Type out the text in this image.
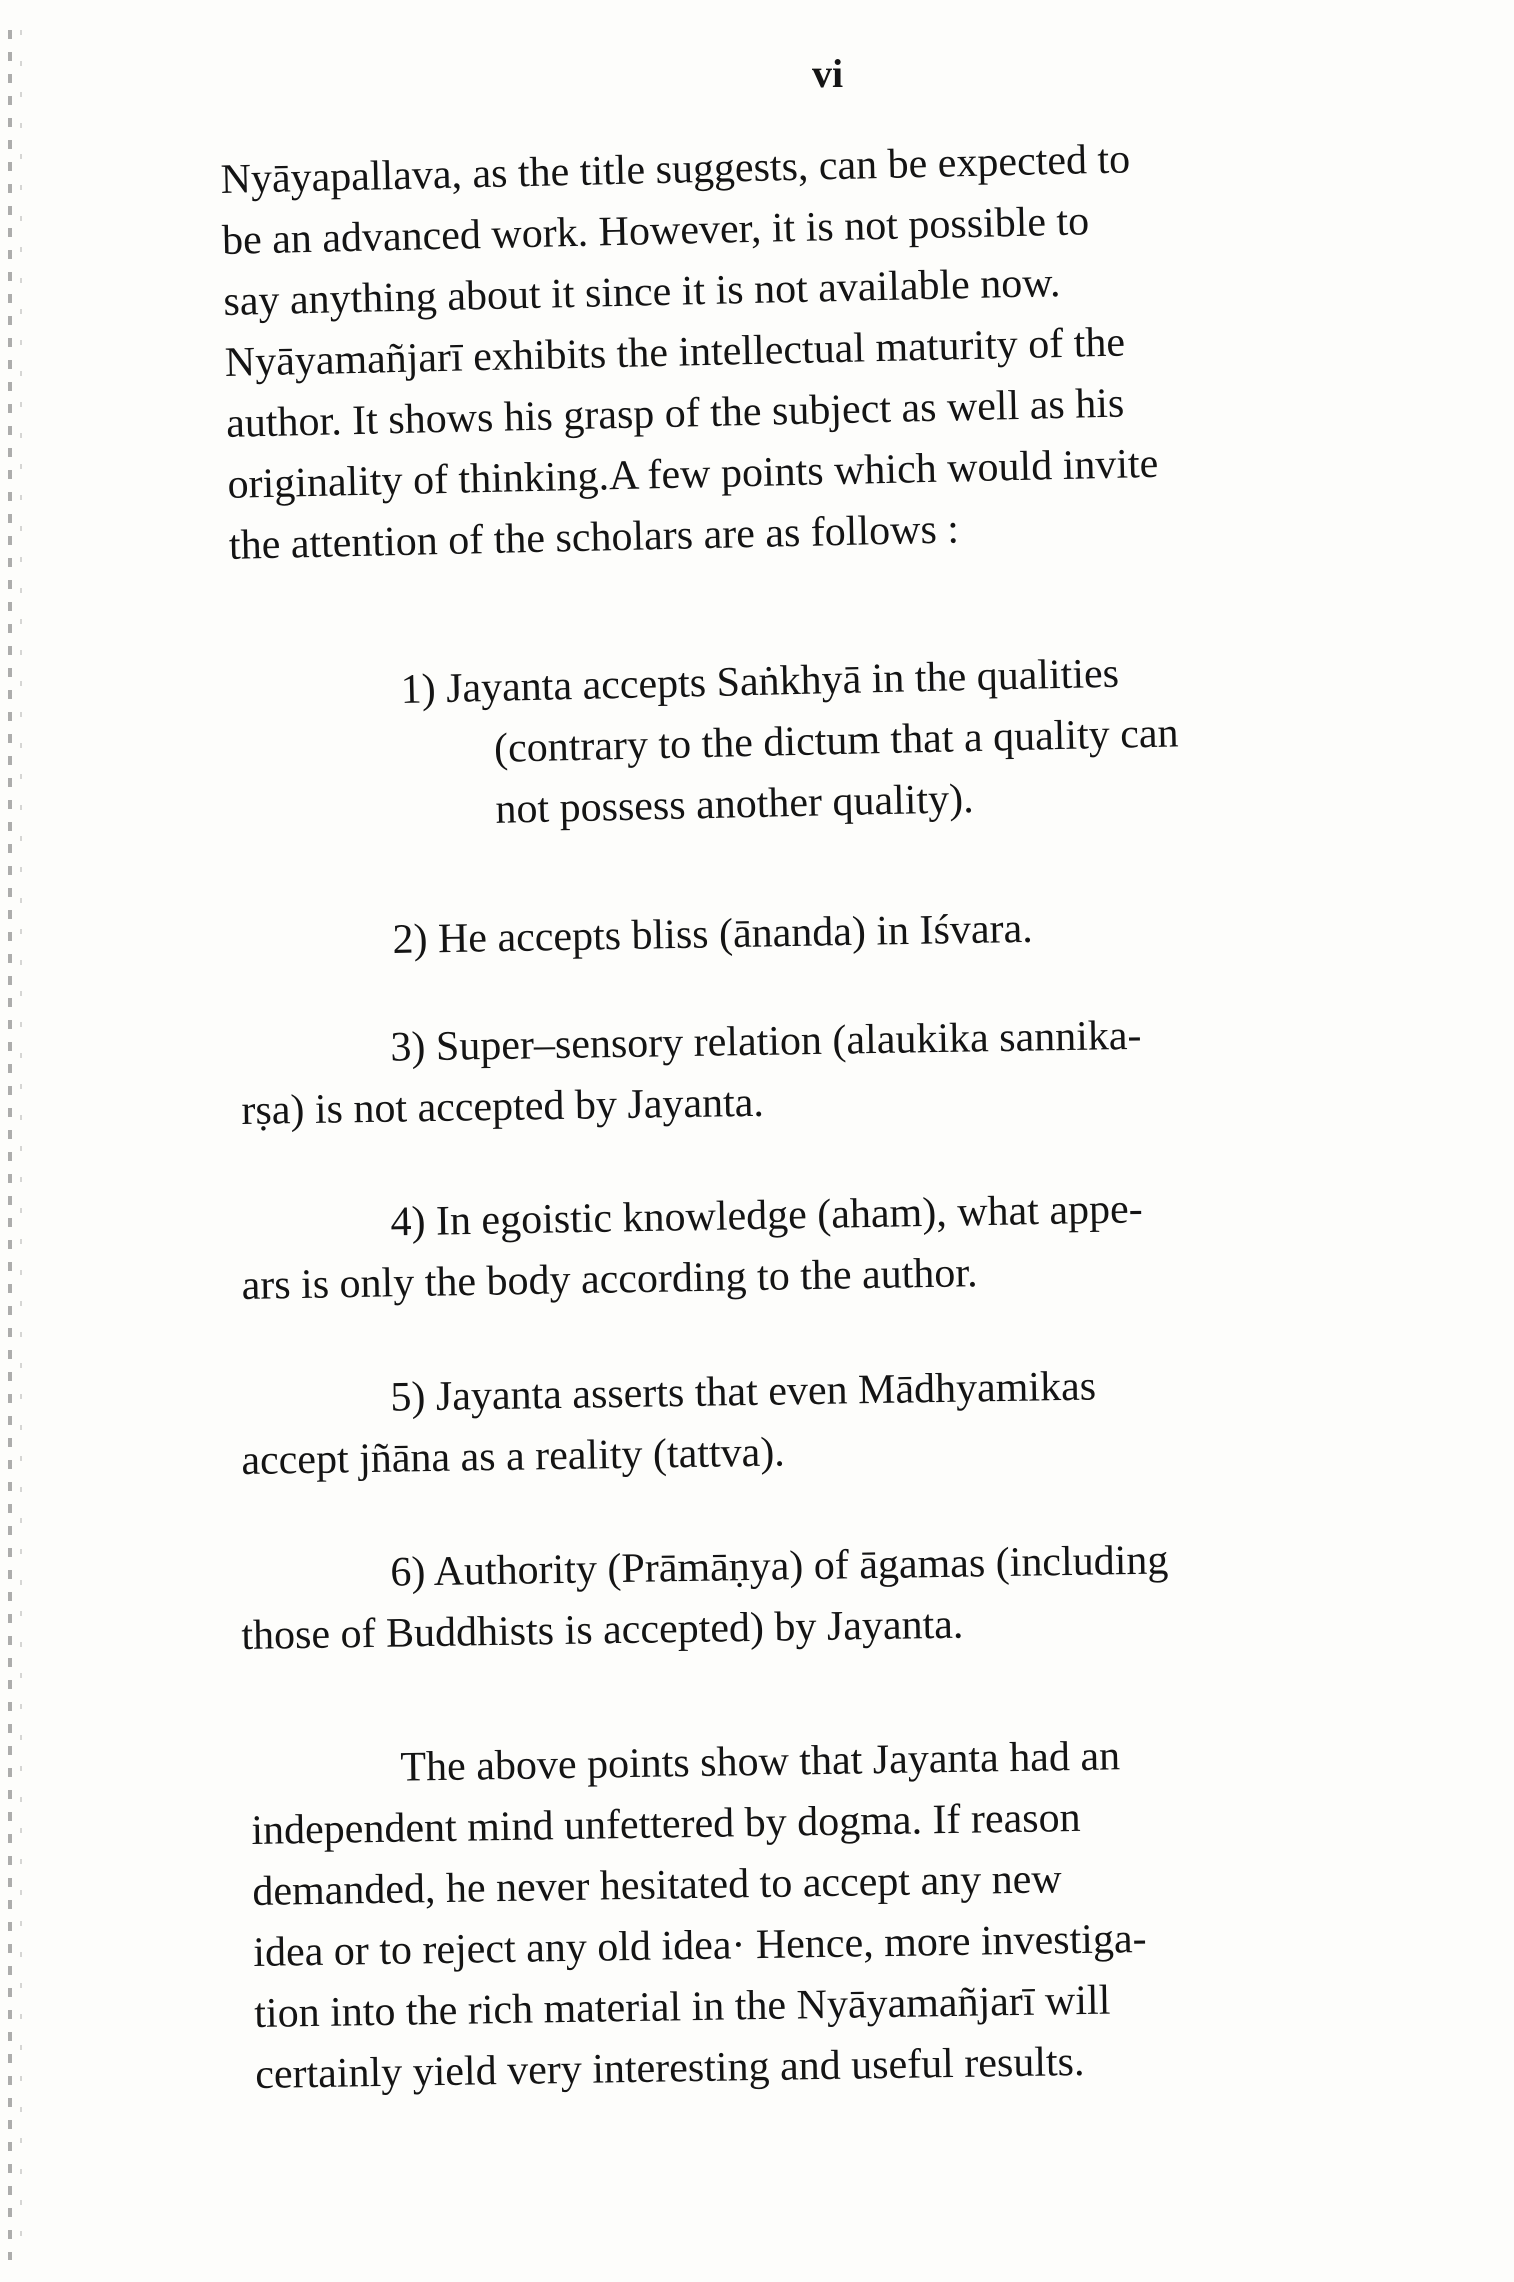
vi
Nyāyapallava, as the title suggests, can be expected to
be an advanced work. However, it is not possible to
say anything about it since it is not available now.
Nyāyamañjarī exhibits the intellectual maturity of the
author. It shows his grasp of the subject as well as his
originality of thinking.A few points which would invite
the attention of the scholars are as follows :
1) Jayanta accepts Saṅkhyā in the qualities
(contrary to the dictum that a quality can
not possess another quality).
2) He accepts bliss (ānanda) in Iśvara.
3) Super–sensory relation (alaukika sannika-
rṣa) is not accepted by Jayanta.
4) In egoistic knowledge (aham), what appe-
ars is only the body according to the author.
5) Jayanta asserts that even Mādhyamikas
accept jñāna as a reality (tattva).
6) Authority (Prāmāṇya) of āgamas (including
those of Buddhists is accepted) by Jayanta.
The above points show that Jayanta had an
independent mind unfettered by dogma. If reason
demanded, he never hesitated to accept any new
idea or to reject any old idea· Hence, more investiga-
tion into the rich material in the Nyāyamañjarī will
certainly yield very interesting and useful results.
